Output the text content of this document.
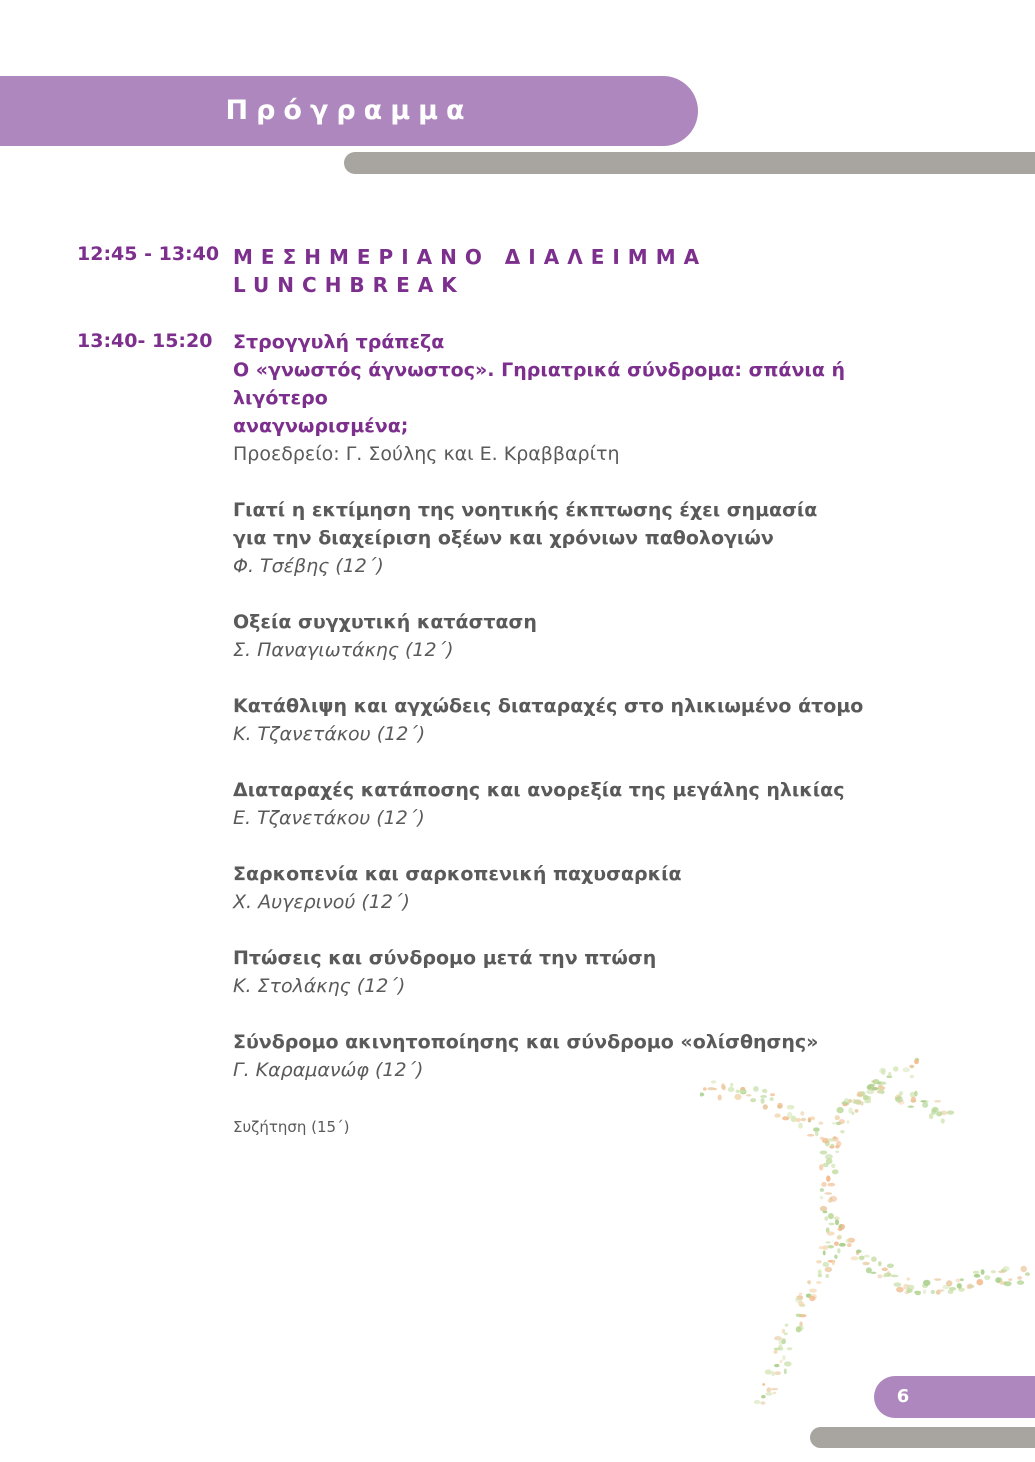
Πρόγραμμα
12:45 - 13:40 ΜΕΣΗΜΕΡΙΑΝΟ ΔΙΑΛΕΙΜΜΑ
LUNCHBREAK
13:40- 15:20 Στρογγυλή τράπεζα
Ο «γνωστός άγνωστος». Γηριατρικά σύνδρομα: σπάνια ή λιγότερο
αναγνωρισμένα;
Προεδρείο: Γ. Σούλης και Ε. Κραββαρίτη
Γιατί η εκτίμηση της νοητικής έκπτωσης έχει σημασία
για την διαχείριση οξέων και χρόνιων παθολογιών
Φ. Τσέβης (12΄)
Οξεία συγχυτική κατάσταση
Σ. Παναγιωτάκης (12΄)
Κατάθλιψη και αγχώδεις διαταραχές στο ηλικιωμένο άτομο
Κ. Τζανετάκου (12΄)
Διαταραχές κατάποσης και ανορεξία της μεγάλης ηλικίας
Ε. Τζανετάκου (12΄)
Σαρκοπενία και σαρκοπενική παχυσαρκία
Χ. Αυγερινού (12΄)
Πτώσεις και σύνδρομο μετά την πτώση
Κ. Στολάκης (12΄)
Σύνδρομο ακινητοποίησης και σύνδρομο «ολίσθησης»
Γ. Καραμανώφ (12΄)
Συζήτηση (15΄)
6
